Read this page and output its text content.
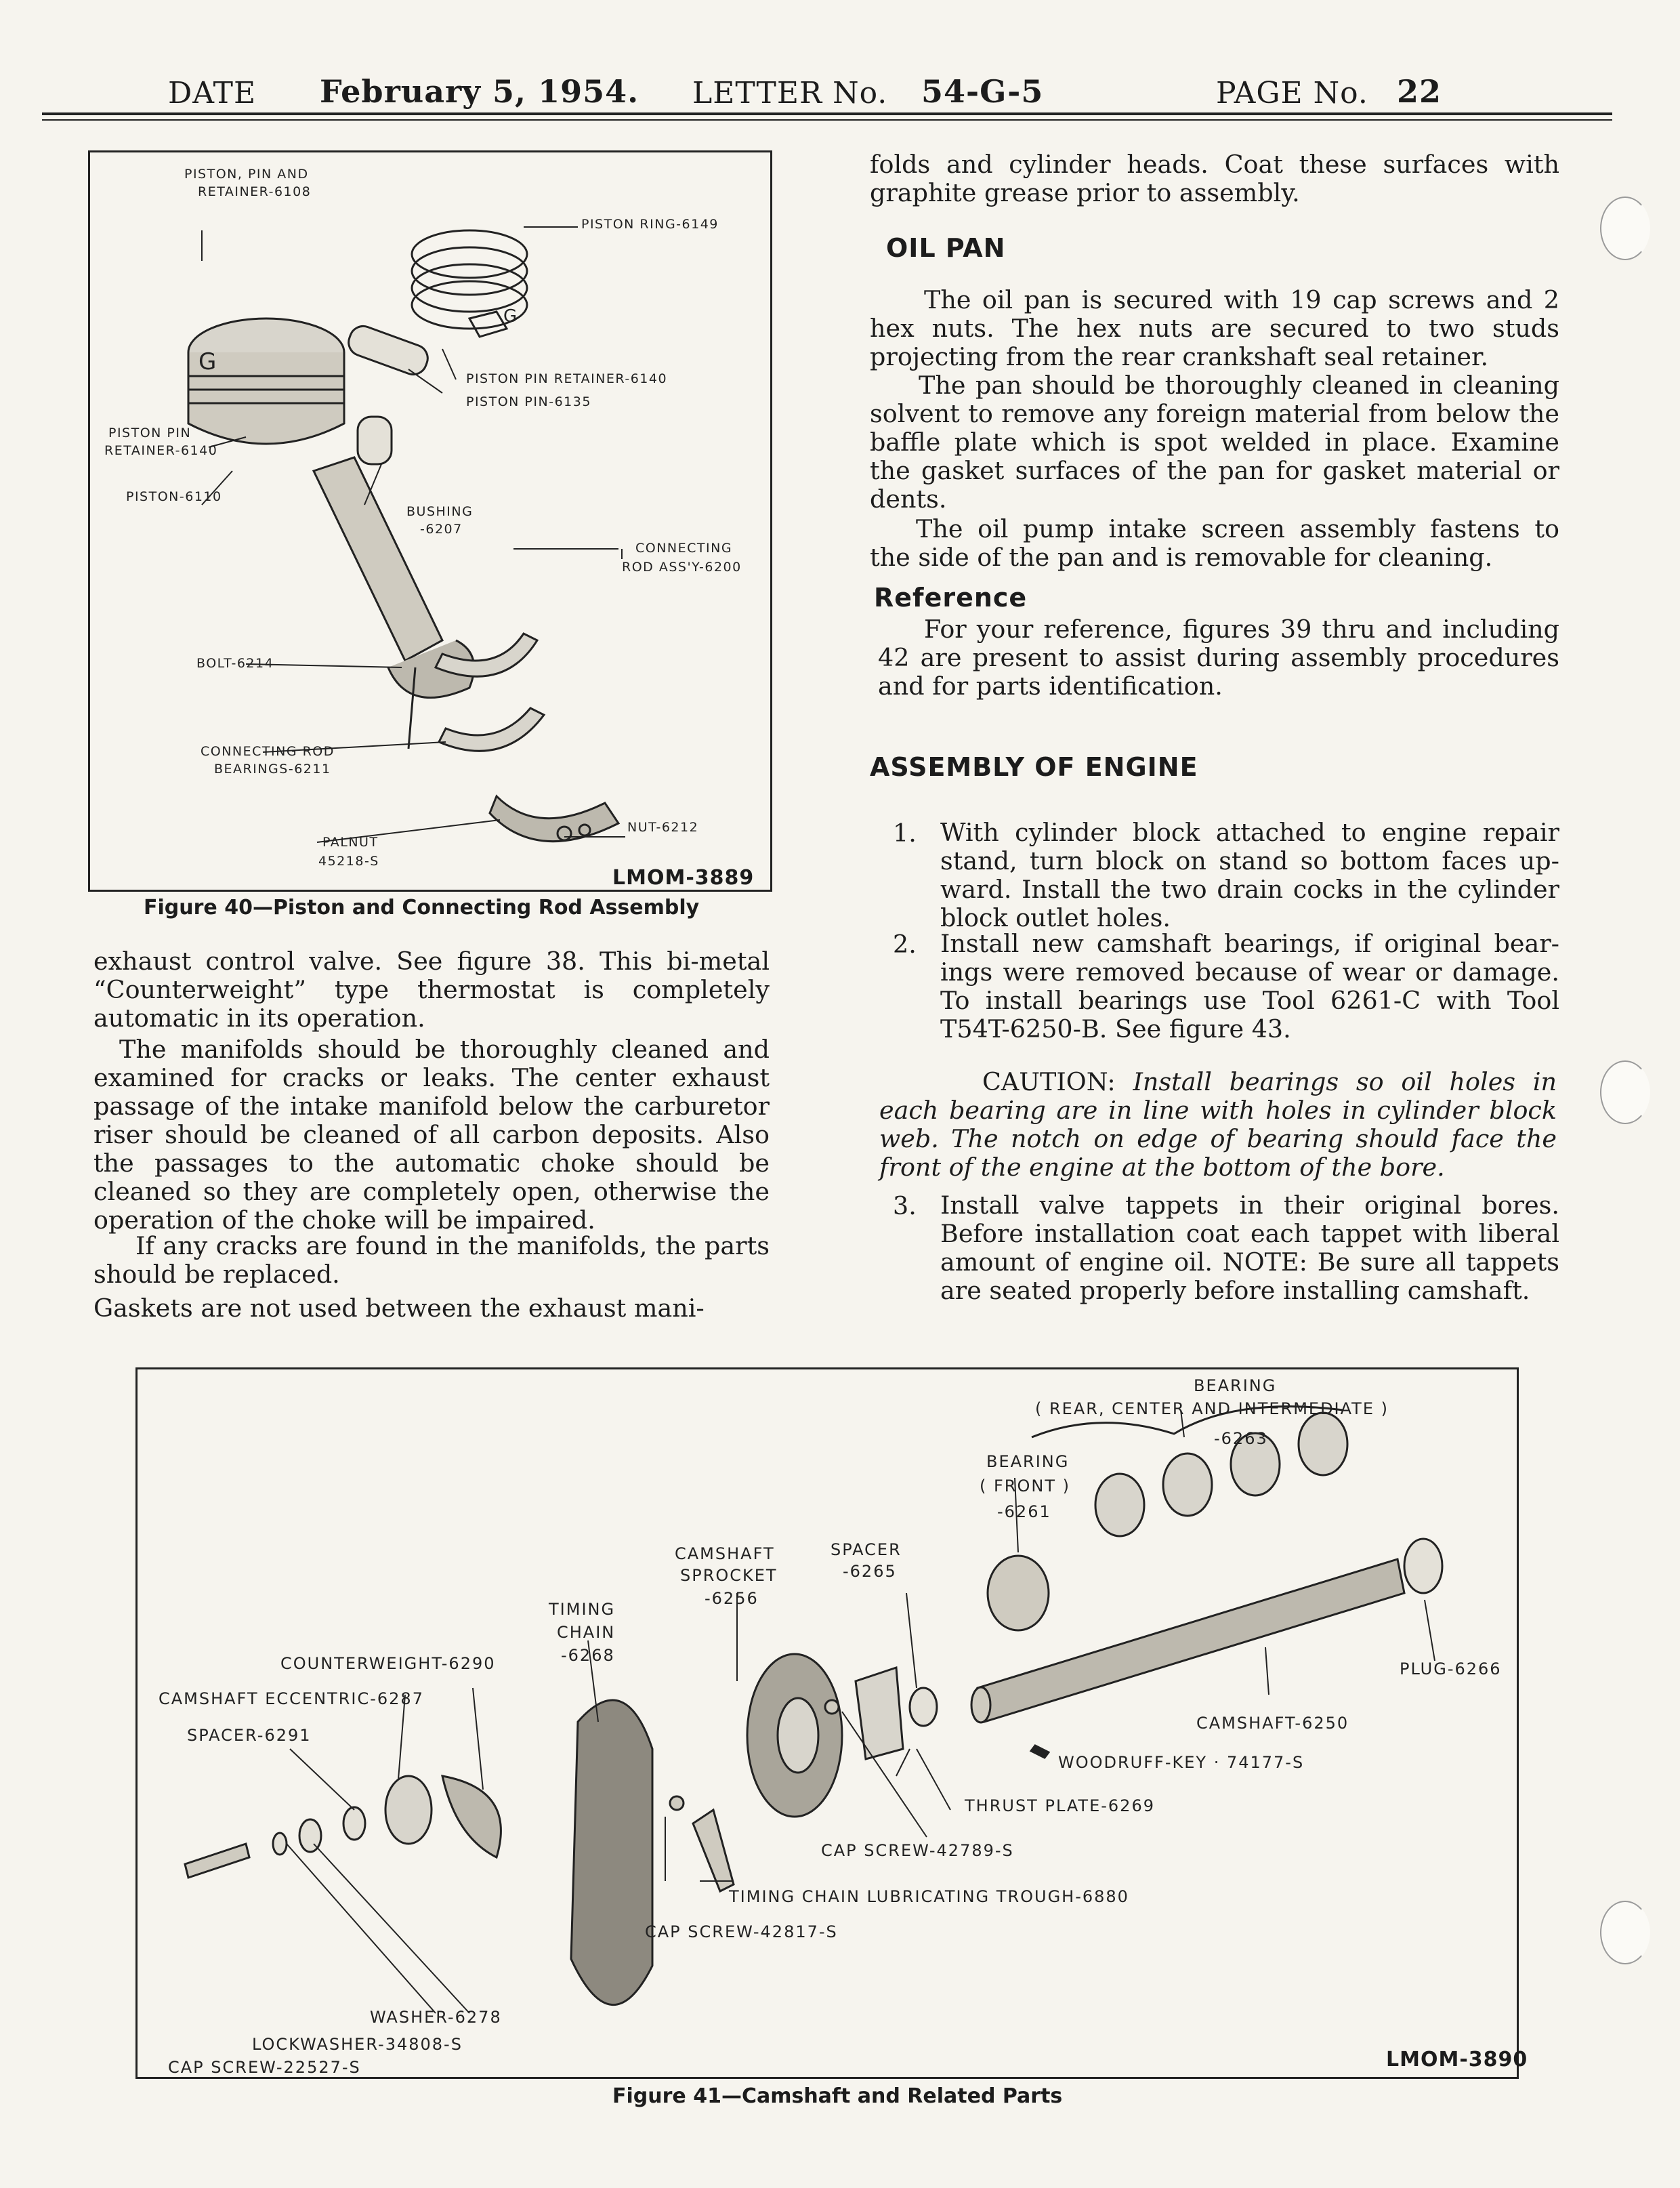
DATE February 5, 1954. LETTER No. 54-G-5	PAGE No. 22
G
G
PISTON, PIN AND
RETAINER-6108
PISTON RING-6149
PISTON PIN RETAINER-6140
PISTON PIN-6135
PISTON PIN
RETAINER-6140
PISTON-6110
BUSHING
-6207
CONNECTING
ROD ASS'Y-6200
BOLT-6214
CONNECTING ROD
BEARINGS-6211
NUT-6212
PALNUT
45218-S
LMOM-3889
Figure 40—Piston and Connecting Rod Assembly
exhaust control valve. See figure 38. This bi-metal “Counterweight” type thermostat is completely automatic in its operation.
The manifolds should be thoroughly cleaned and examined for cracks or leaks. The center exhaust passage of the intake manifold below the carburetor riser should be cleaned of all carbon deposits. Also the passages to the automatic choke should be cleaned so they are completely open, otherwise the operation of the choke will be impaired.
If any cracks are found in the manifolds, the parts should be replaced.
Gaskets are not used between the exhaust mani-
folds and cylinder heads. Coat these surfaces with graphite grease prior to assembly.
OIL PAN
The oil pan is secured with 19 cap screws and 2 hex nuts. The hex nuts are secured to two studs projecting from the rear crankshaft seal retainer.
The pan should be thoroughly cleaned in cleaning solvent to remove any foreign material from below the baffle plate which is spot welded in place. Examine the gasket surfaces of the pan for gasket material or dents.
The oil pump intake screen assembly fastens to the side of the pan and is removable for cleaning.
Reference
For your reference, figures 39 thru and including 42 are present to assist during assembly procedures and for parts identification.
ASSEMBLY OF ENGINE
1. With cylinder block attached to engine repair stand, turn block on stand so bottom faces up-ward. Install the two drain cocks in the cylinder block outlet holes.
2. Install new camshaft bearings, if original bear-ings were removed because of wear or damage. To install bearings use Tool 6261-C with Tool T54T-6250-B. See figure 43.
CAUTION: Install bearings so oil holes in each bearing are in line with holes in cylinder block web. The notch on edge of bearing should face the front of the engine at the bottom of the bore.
3. Install valve tappets in their original bores. Before installation coat each tappet with liberal amount of engine oil. NOTE: Be sure all tappets are seated properly before installing camshaft.
BEARING
( REAR, CENTER AND INTERMEDIATE )
-6263
BEARING
( FRONT )
-6261
CAMSHAFT
SPROCKET
-6256
SPACER
-6265
TIMING
CHAIN
-6268
COUNTERWEIGHT-6290
CAMSHAFT ECCENTRIC-6287
SPACER-6291
PLUG-6266
CAMSHAFT-6250
WOODRUFF-KEY · 74177-S
THRUST PLATE-6269
CAP SCREW-42789-S
TIMING CHAIN LUBRICATING TROUGH-6880
CAP SCREW-42817-S
WASHER-6278
LOCKWASHER-34808-S
CAP SCREW-22527-S	LMOM-3890
Figure 41—Camshaft and Related Parts
